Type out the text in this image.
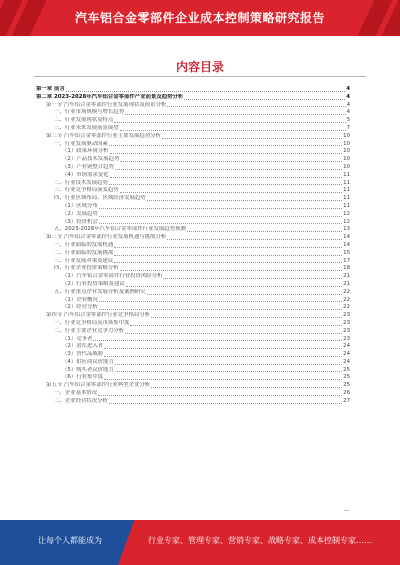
汽车铝合金零部件企业成本控制策略研究报告
内容目录
第一章 前言	4
第二章 2023-2028年汽车铝合金零部件产业前景及趋势分析	4
第一节 汽车铝合金零部件行业发展现状及前景分析	4
一、行业市场规模与增长趋势	4
二、行业发展现状及特点	5
三、行业未来发展前景展望	7
第二节 汽车铝合金零部件行业主要发展趋势分析	10
一、行业发展驱动因素	10
（1）政策环境分析	10
（2）产品技术发展趋势	10
（3）产业链整合趋势	10
（4）市场需求变化	11
二、行业技术发展趋势	11
三、行业竞争格局演变趋势	11
四、行业区域布局、区域经济发展趋势	11
（1）区域分布	11
（2）发展趋势	12
（3）投资机会	12
五、2023-2028年汽车铝合金零部件行业发展趋势预测	13
第三节 汽车铝合金零部件行业发展机遇与挑战分析	14
一、行业面临的发展机遇	14
二、行业面临的发展挑战	15
三、行业发展对策及建议	17
四、行业企业投资策略分析	18
（1）汽车铝合金零部件行业投资风险分析	21
（2）行业投资策略及建议	21
五、行业重点企业发展分析及案例研究	22
（1）企业概况	22
（2）经营分析	22
第四节 汽车铝合金零部件行业竞争格局分析	23
一、行业竞争格局及市场集中度	23
二、行业主要企业竞争力分析	23
（1）竞争者	23
（2）潜在进入者	24
（3）替代品威胁	24
（4）供应商议价能力	24
（5）购买者议价能力	25
（6）行业集中度	25
第五节 汽车铝合金零部件行业典型企业分析	25
一、企业基本情况	26
二、企业经营状况分析	27
让每个人都能成为	行业专家、管理专家、营销专家、战略专家、成本控制专家……
—
